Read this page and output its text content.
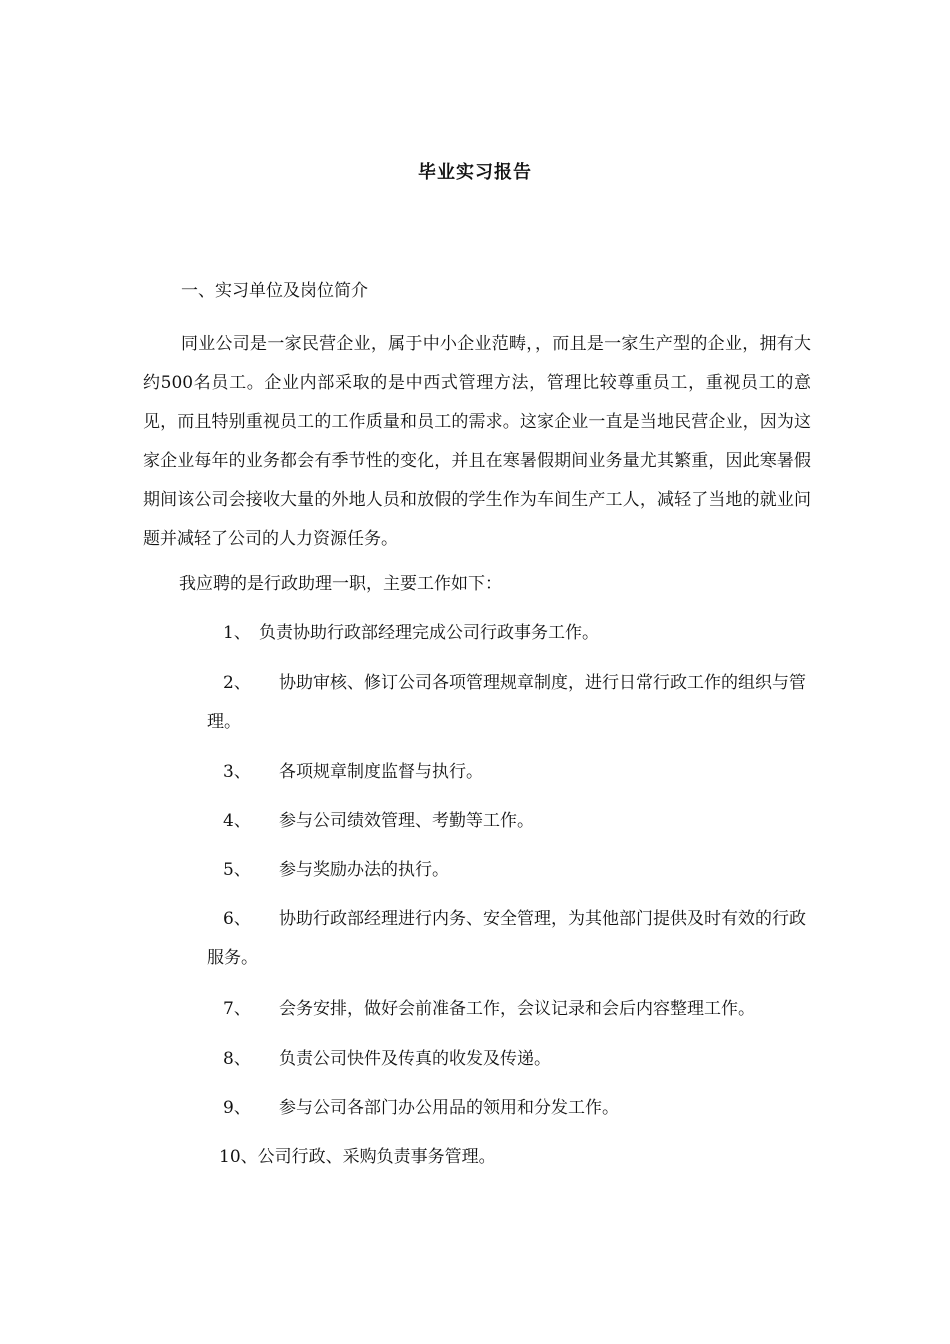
毕业实习报告
一、实习单位及岗位简介

同业公司是一家民营企业，属于中小企业范畴，，而且是一家生产型的企业，拥有大约500名员工。企业内部采取的是中西式管理方法，管理比较尊重员工，重视员工的意见，而且特别重视员工的工作质量和员工的需求。这家企业一直是当地民营企业，因为这家企业每年的业务都会有季节性的变化，并且在寒暑假期间业务量尤其繁重，因此寒暑假期间该公司会接收大量的外地人员和放假的学生作为车间生产工人，减轻了当地的就业问题并减轻了公司的人力资源任务。

我应聘的是行政助理一职，主要工作如下：

1、 负责协助行政部经理完成公司行政事务工作。

2、 协助审核、修订公司各项管理规章制度，进行日常行政工作的组织与管理。

3、 各项规章制度监督与执行。

4、 参与公司绩效管理、考勤等工作。

5、 参与奖励办法的执行。

6、 协助行政部经理进行内务、安全管理，为其他部门提供及时有效的行政服务。

7、 会务安排，做好会前准备工作，会议记录和会后内容整理工作。

8、 负责公司快件及传真的收发及传递。

9、 参与公司各部门办公用品的领用和分发工作。

10、公司行政、采购负责事务管理。
